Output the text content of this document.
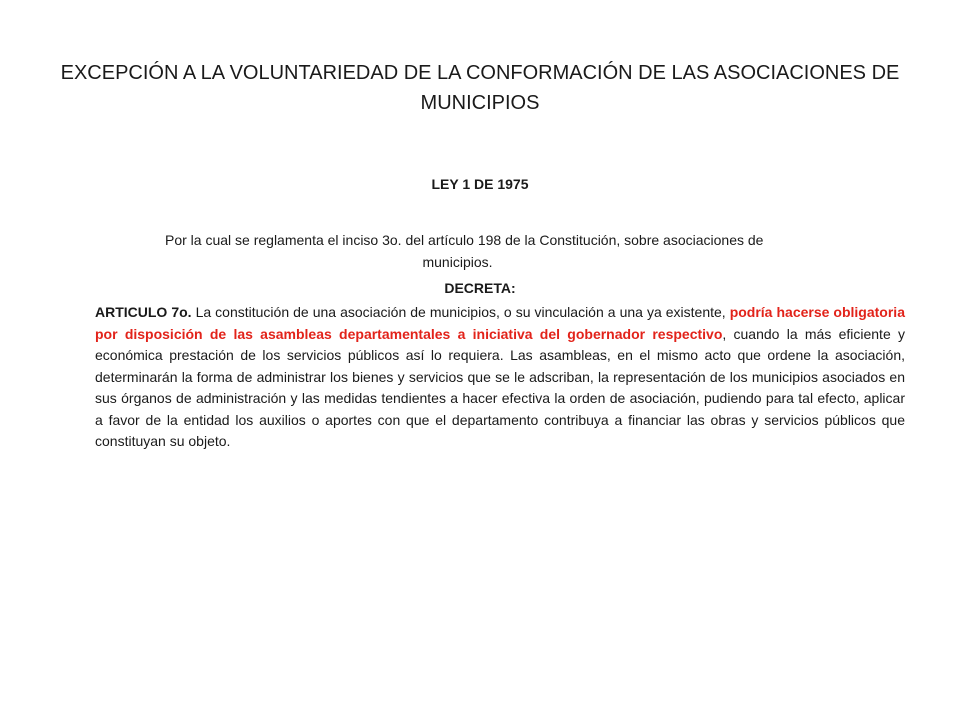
EXCEPCIÓN A LA VOLUNTARIEDAD DE LA CONFORMACIÓN DE LAS ASOCIACIONES DE MUNICIPIOS

LEY 1 DE 1975

Por la cual se reglamenta el inciso 3o. del artículo 198 de la Constitución, sobre asociaciones de
municipios.

DECRETA:

ARTICULO 7o. La constitución de una asociación de municipios, o su vinculación a una ya existente, podría hacerse obligatoria por disposición de las asambleas departamentales a iniciativa del gobernador respectivo, cuando la más eficiente y económica prestación de los servicios públicos así lo requiera. Las asambleas, en el mismo acto que ordene la asociación, determinarán la forma de administrar los bienes y servicios que se le adscriban, la representación de los municipios asociados en sus órganos de administración y las medidas tendientes a hacer efectiva la orden de asociación, pudiendo para tal efecto, aplicar a favor de la entidad los auxilios o aportes con que el departamento contribuya a financiar las obras y servicios públicos que constituyan su objeto.
